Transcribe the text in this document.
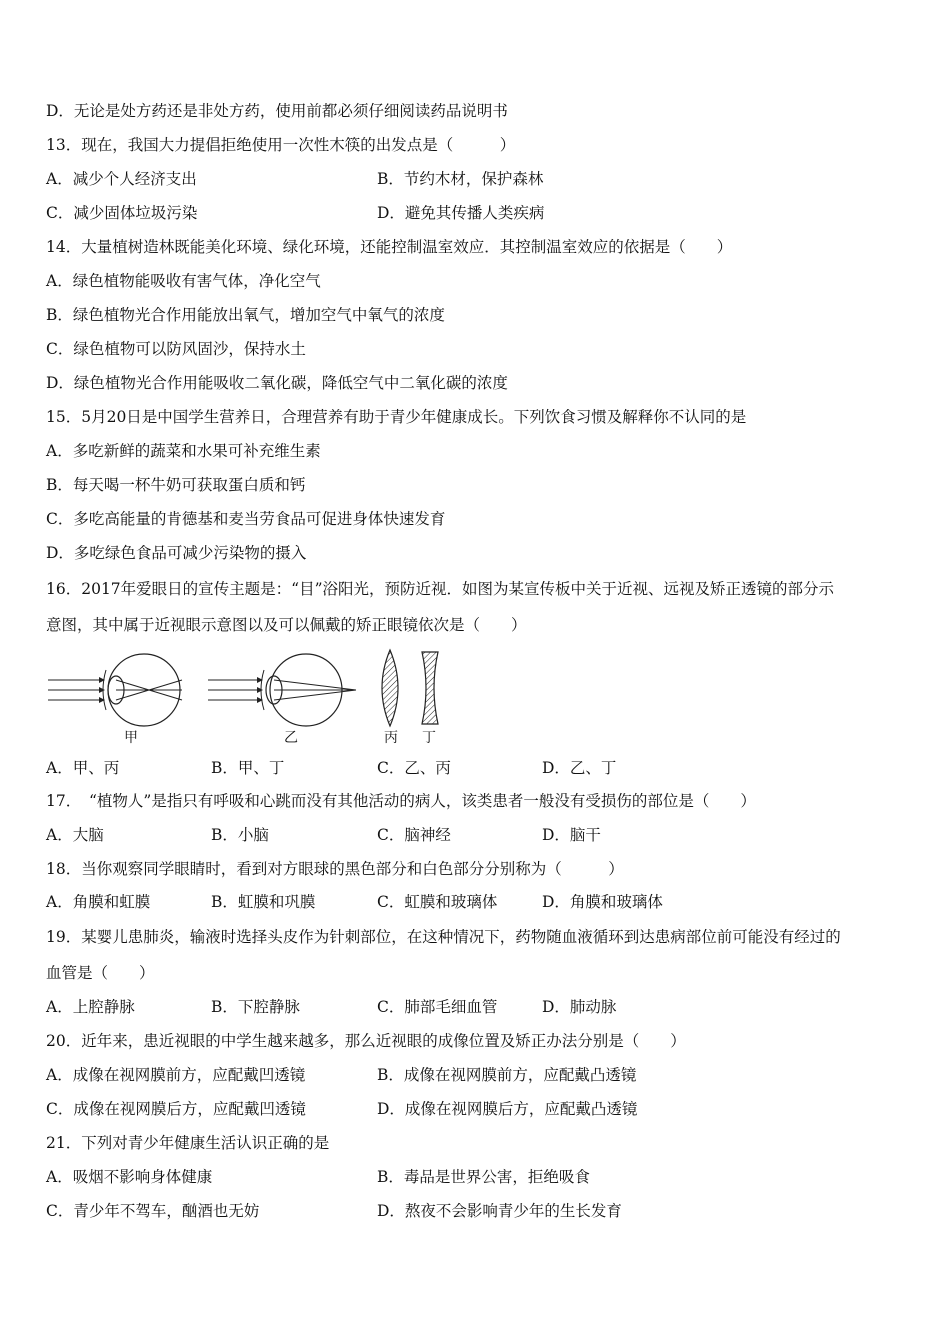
D．无论是处方药还是非处方药，使用前都必须仔细阅读药品说明书
13．现在，我国大力提倡拒绝使用一次性木筷的出发点是（　　　）
A．减少个人经济支出	B．节约木材，保护森林
C．减少固体垃圾污染	D．避免其传播人类疾病
14．大量植树造林既能美化环境、绿化环境，还能控制温室效应．其控制温室效应的依据是（　　）
A．绿色植物能吸收有害气体，净化空气
B．绿色植物光合作用能放出氧气，增加空气中氧气的浓度
C．绿色植物可以防风固沙，保持水土
D．绿色植物光合作用能吸收二氧化碳，降低空气中二氧化碳的浓度
15．5月20日是中国学生营养日，合理营养有助于青少年健康成长。下列饮食习惯及解释你不认同的是
A．多吃新鲜的蔬菜和水果可补充维生素
B．每天喝一杯牛奶可获取蛋白质和钙
C．多吃高能量的肯德基和麦当劳食品可促进身体快速发育
D．多吃绿色食品可减少污染物的摄入
16．2017年爱眼日的宣传主题是：“目”浴阳光，预防近视．如图为某宣传板中关于近视、远视及矫正透镜的部分示
意图，其中属于近视眼示意图以及可以佩戴的矫正眼镜依次是（　　）
甲	乙	丙 丁
A．甲、丙	B．甲、丁	C．乙、丙	D．乙、丁
17．　“植物人”是指只有呼吸和心跳而没有其他活动的病人，该类患者一般没有受损伤的部位是（　　）
A．大脑	B．小脑	C．脑神经	D．脑干
18．当你观察同学眼睛时，看到对方眼球的黑色部分和白色部分分别称为（　　　）
A．角膜和虹膜	B．虹膜和巩膜	C．虹膜和玻璃体	D．角膜和玻璃体
19．某婴儿患肺炎，输液时选择头皮作为针刺部位，在这种情况下，药物随血液循环到达患病部位前可能没有经过的
血管是（　　）
A．上腔静脉	B．下腔静脉	C．肺部毛细血管	D．肺动脉
20．近年来，患近视眼的中学生越来越多，那么近视眼的成像位置及矫正办法分别是（　　）
A．成像在视网膜前方，应配戴凹透镜	B．成像在视网膜前方，应配戴凸透镜
C．成像在视网膜后方，应配戴凹透镜	D．成像在视网膜后方，应配戴凸透镜
21．下列对青少年健康生活认识正确的是
A．吸烟不影响身体健康	B．毒品是世界公害，拒绝吸食
C．青少年不驾车，酗酒也无妨	D．熬夜不会影响青少年的生长发育
